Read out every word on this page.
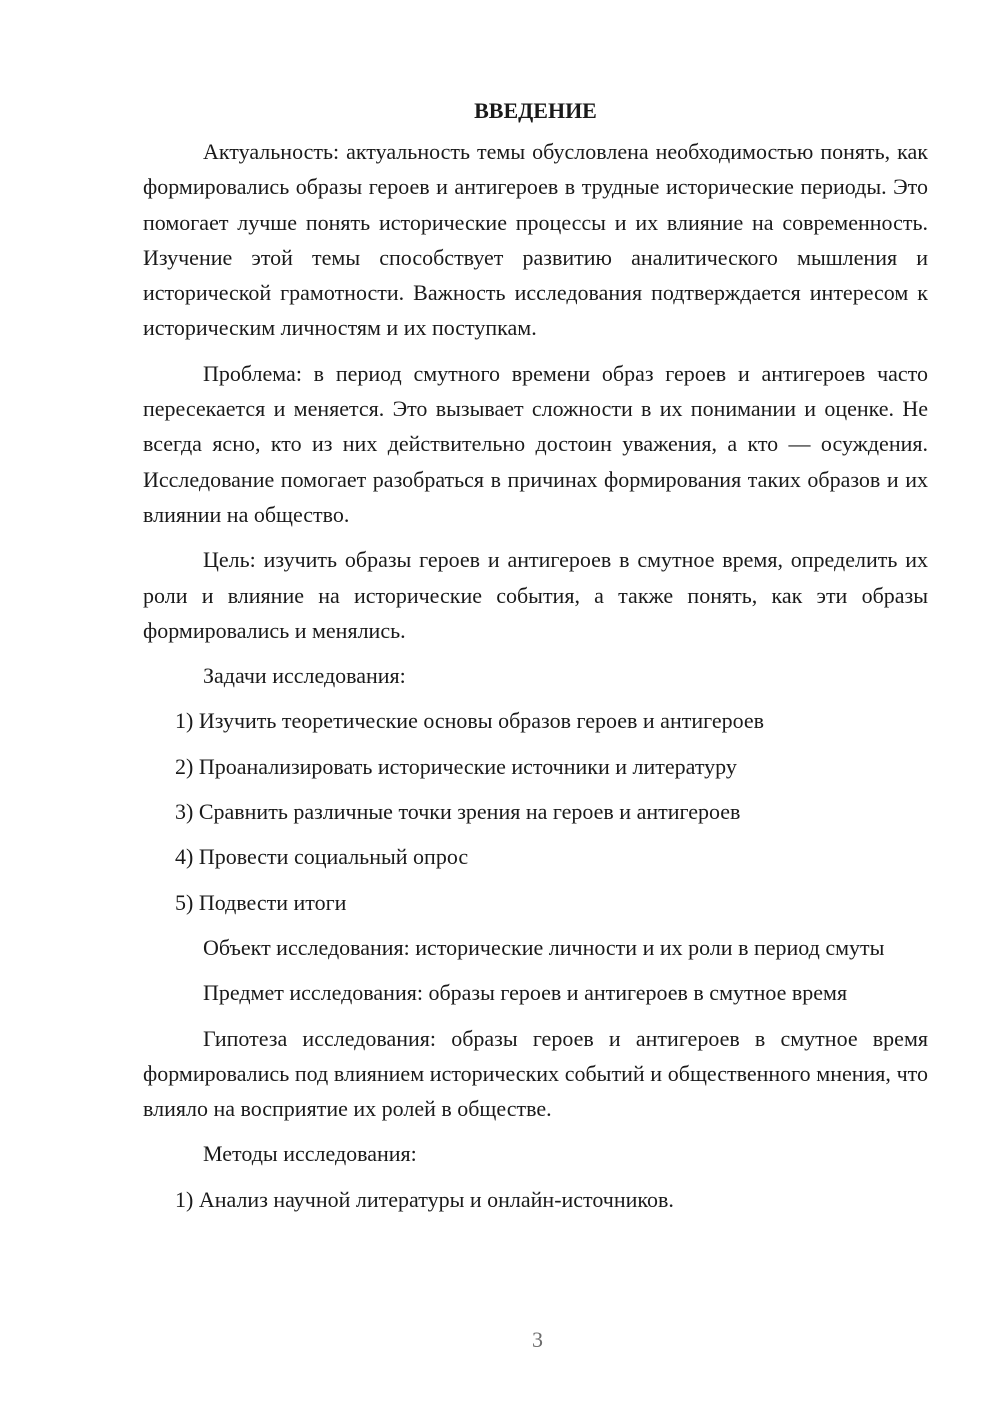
ВВЕДЕНИЕ

Актуальность: актуальность темы обусловлена необходимостью понять, как формировались образы героев и антигероев в трудные исторические периоды. Это помогает лучше понять исторические процессы и их влияние на современность. Изучение этой темы способствует развитию аналитического мышления и исторической грамотности. Важность исследования подтверждается интересом к историческим личностям и их поступкам.

Проблема: в период смутного времени образ героев и антигероев часто пересекается и меняется. Это вызывает сложности в их понимании и оценке. Не всегда ясно, кто из них действительно достоин уважения, а кто — осуждения. Исследование помогает разобраться в причинах формирования таких образов и их влиянии на общество.

Цель: изучить образы героев и антигероев в смутное время, определить их роли и влияние на исторические события, а также понять, как эти образы формировались и менялись.

Задачи исследования:
1) Изучить теоретические основы образов героев и антигероев
2) Проанализировать исторические источники и литературу
3) Сравнить различные точки зрения на героев и антигероев
4) Провести социальный опрос
5) Подвести итоги

Объект исследования: исторические личности и их роли в период смуты

Предмет исследования: образы героев и антигероев в смутное время

Гипотеза исследования: образы героев и антигероев в смутное время формировались под влиянием исторических событий и общественного мнения, что влияло на восприятие их ролей в обществе.

Методы исследования:
1) Анализ научной литературы и онлайн-источников.
3
